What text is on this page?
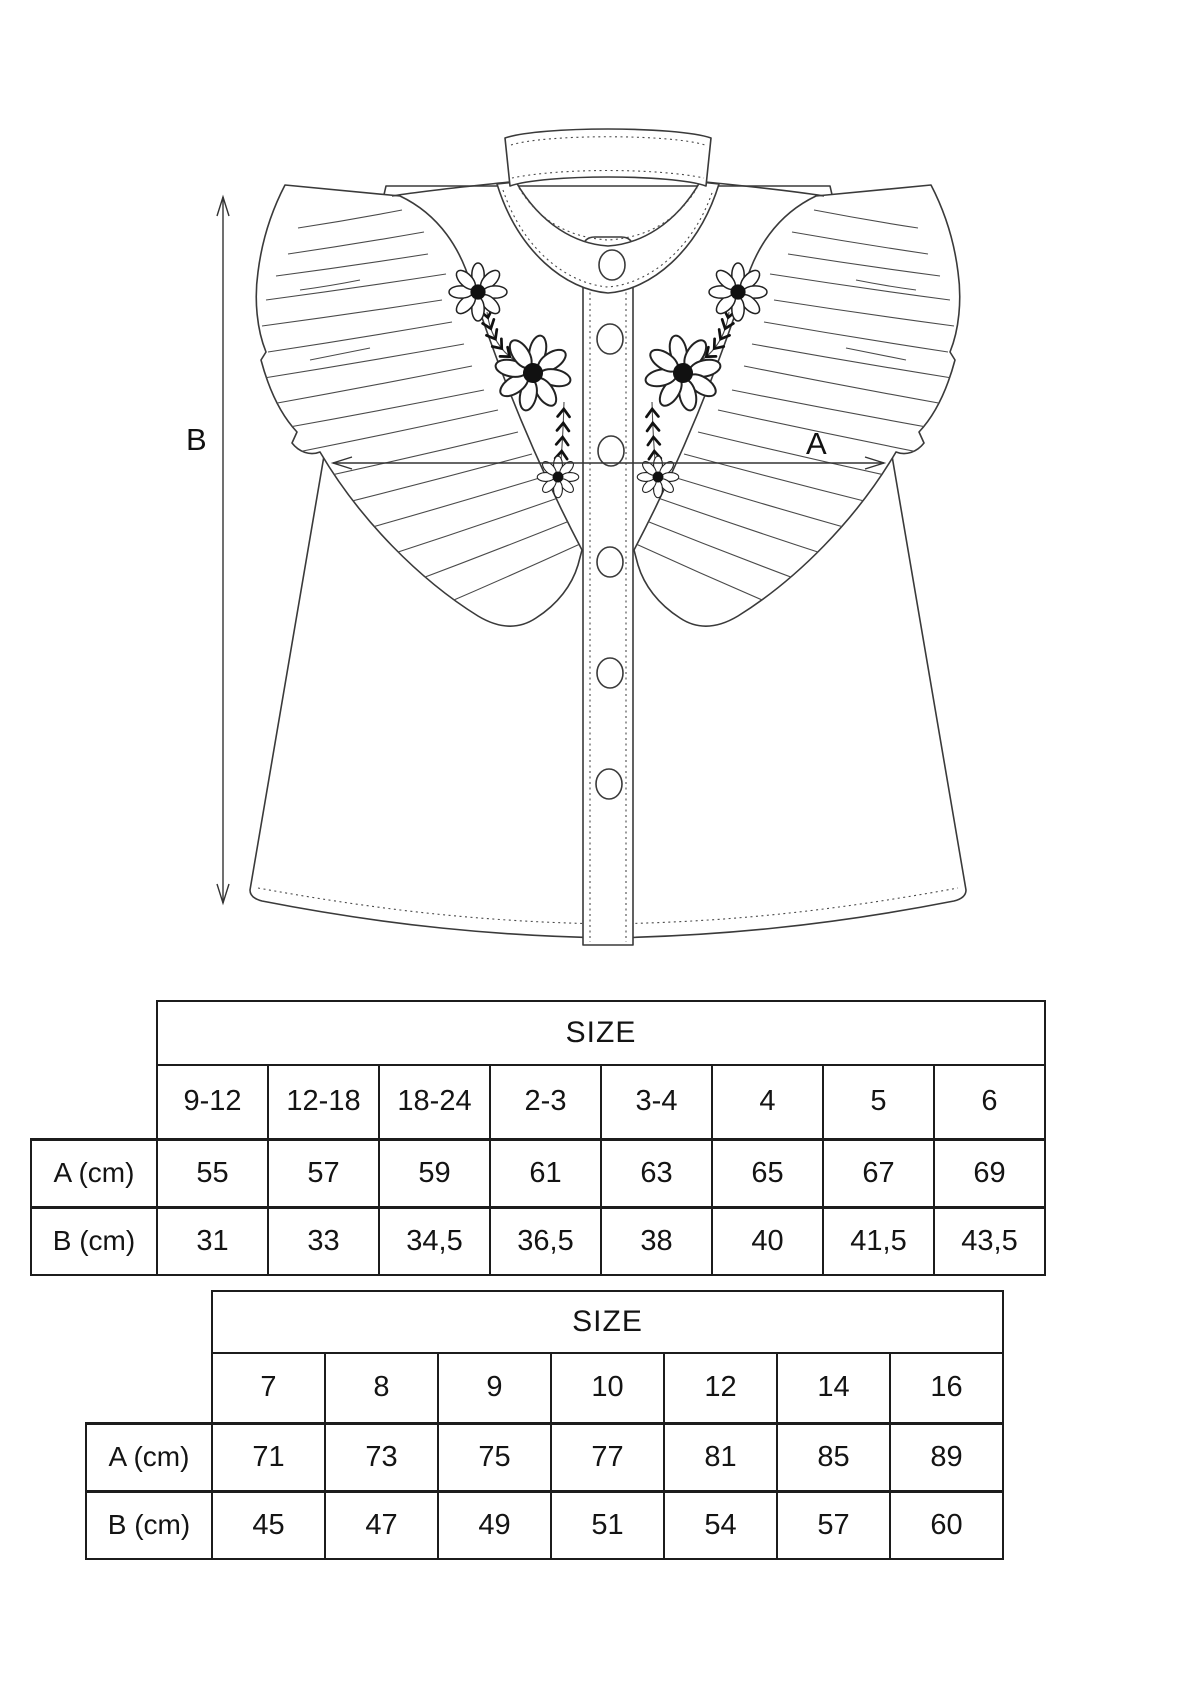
A
B
	SIZE							
	9-12	12-18	18-24	2-3	3-4	4	5	6
A (cm)	55	57	59	61	63	65	67	69
B (cm)	31	33	34,5	36,5	38	40	41,5	43,5
	SIZE						
	7	8	9	10	12	14	16
A (cm)	71	73	75	77	81	85	89
B (cm)	45	47	49	51	54	57	60
